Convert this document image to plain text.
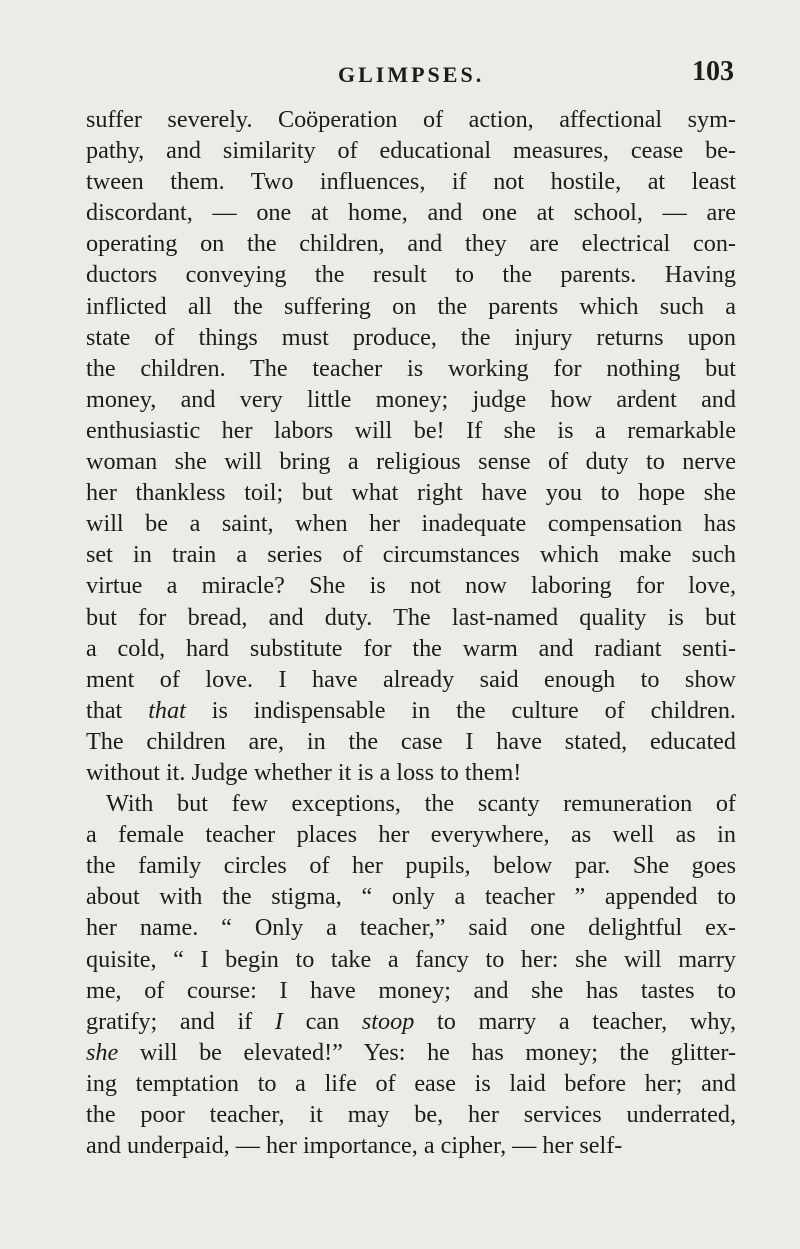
GLIMPSES.	103
suffer severely. Coöperation of action, affectional sym-
pathy, and similarity of educational measures, cease be-
tween them. Two influences, if not hostile, at least
discordant, — one at home, and one at school, — are
operating on the children, and they are electrical con-
ductors conveying the result to the parents. Having
inflicted all the suffering on the parents which such a
state of things must produce, the injury returns upon
the children. The teacher is working for nothing but
money, and very little money; judge how ardent and
enthusiastic her labors will be! If she is a remarkable
woman she will bring a religious sense of duty to nerve
her thankless toil; but what right have you to hope she
will be a saint, when her inadequate compensation has
set in train a series of circumstances which make such
virtue a miracle? She is not now laboring for love,
but for bread, and duty. The last-named quality is but
a cold, hard substitute for the warm and radiant senti-
ment of love. I have already said enough to show
that that is indispensable in the culture of children.
The children are, in the case I have stated, educated
without it. Judge whether it is a loss to them!
With but few exceptions, the scanty remuneration of
a female teacher places her everywhere, as well as in
the family circles of her pupils, below par. She goes
about with the stigma, “ only a teacher ” appended to
her name. “ Only a teacher,” said one delightful ex-
quisite, “ I begin to take a fancy to her: she will marry
me, of course: I have money; and she has tastes to
gratify; and if I can stoop to marry a teacher, why,
she will be elevated!” Yes: he has money; the glitter-
ing temptation to a life of ease is laid before her; and
the poor teacher, it may be, her services underrated,
and underpaid, — her importance, a cipher, — her self-
